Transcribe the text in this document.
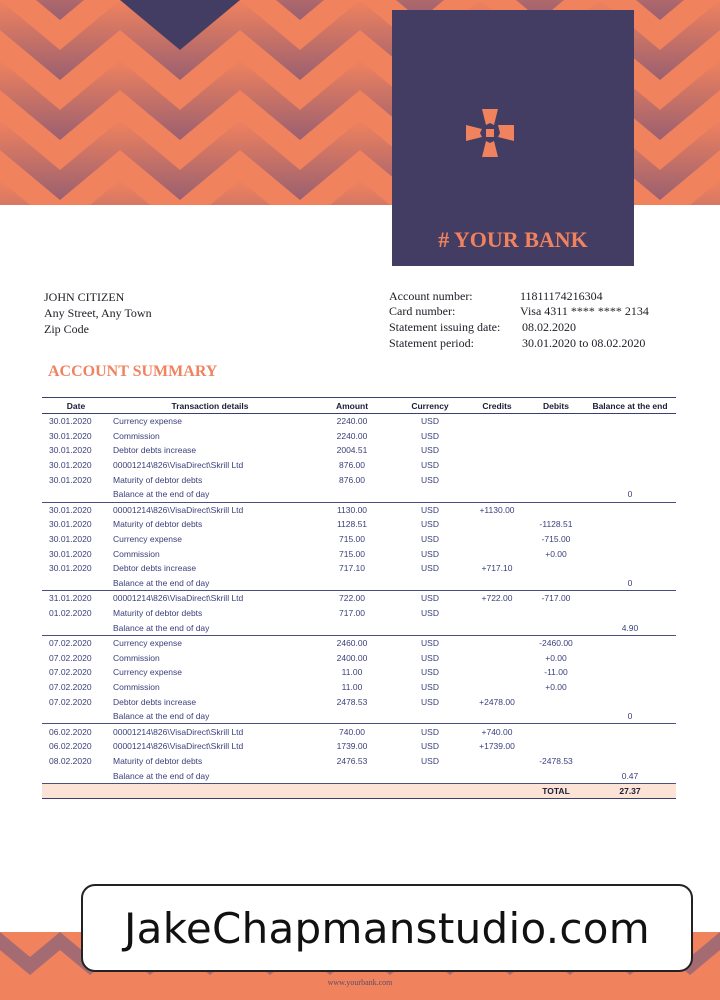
# YOUR BANK
JOHN CITIZEN
Any Street, Any Town
Zip Code
Account number:	11811174216304
Card number:	Visa 4311 **** **** 2134
Statement issuing date: 08.02.2020
Statement period:	30.01.2020 to 08.02.2020
ACCOUNT SUMMARY
Date	Transaction details	Amount	Currency	Credits	Debits	Balance at the end
30.01.2020	Currency expense	2240.00	USD			
30.01.2020	Commission	2240.00	USD			
30.01.2020	Debtor debts increase	2004.51	USD			
30.01.2020	00001214\826\VisaDirect\Skrill Ltd	876.00	USD			
30.01.2020	Maturity of debtor debts	876.00	USD			
	Balance at the end of day					0
30.01.2020	00001214\826\VisaDirect\Skrill Ltd	1130.00	USD	+1130.00		
30.01.2020	Maturity of debtor debts	1128.51	USD		-1128.51	
30.01.2020	Currency expense	715.00	USD		-715.00	
30.01.2020	Commission	715.00	USD		+0.00	
30.01.2020	Debtor debts increase	717.10	USD	+717.10		
	Balance at the end of day					0
31.01.2020	00001214\826\VisaDirect\Skrill Ltd	722.00	USD	+722.00	-717.00	
01.02.2020	Maturity of debtor debts	717.00	USD			
	Balance at the end of day					4.90
07.02.2020	Currency expense	2460.00	USD		-2460.00	
07.02.2020	Commission	2400.00	USD		+0.00	
07.02.2020	Currency expense	11.00	USD		-11.00	
07.02.2020	Commission	11.00	USD		+0.00	
07.02.2020	Debtor debts increase	2478.53	USD	+2478.00		
	Balance at the end of day					0
06.02.2020	00001214\826\VisaDirect\Skrill Ltd	740.00	USD	+740.00		
06.02.2020	00001214\826\VisaDirect\Skrill Ltd	1739.00	USD	+1739.00		
08.02.2020	Maturity of debtor debts	2476.53	USD		-2478.53	
	Balance at the end of day					0.47
					TOTAL	27.37
www.yourbank.com
JakeChapmanstudio.com
